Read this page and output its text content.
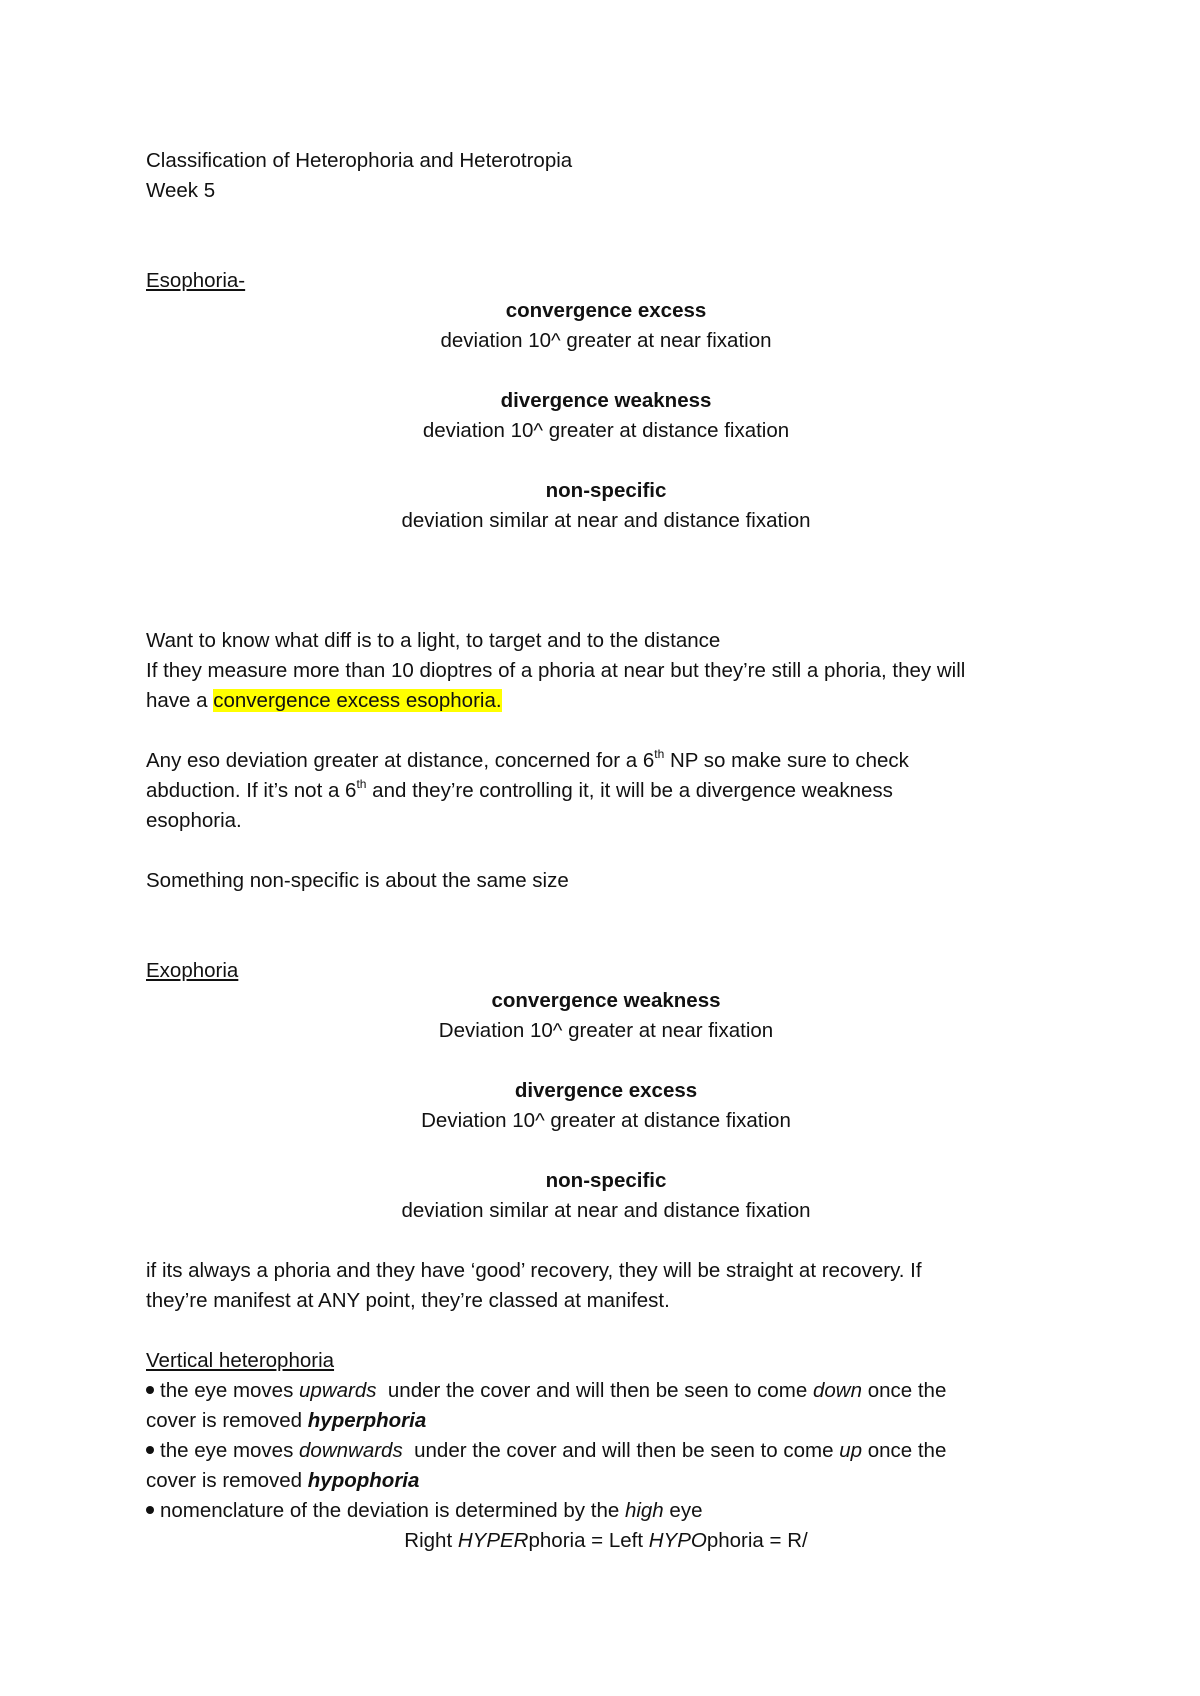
Classification of Heterophoria and Heterotropia
Week 5
Esophoria-
convergence excess
deviation 10^ greater at near fixation
divergence weakness
deviation 10^ greater at distance fixation
non-specific
deviation similar at near and distance fixation
Want to know what diff is to a light, to target and to the distance
If they measure more than 10 dioptres of a phoria at near but they’re still a phoria, they will
have a convergence excess esophoria.
Any eso deviation greater at distance, concerned for a 6th NP so make sure to check
abduction. If it’s not a 6th and they’re controlling it, it will be a divergence weakness
esophoria.
Something non-specific is about the same size
Exophoria
convergence weakness
Deviation 10^ greater at near fixation
divergence excess
Deviation 10^ greater at distance fixation
non-specific
deviation similar at near and distance fixation
if its always a phoria and they have ‘good’ recovery, they will be straight at recovery. If
they’re manifest at ANY point, they’re classed at manifest.
Vertical heterophoria
the eye moves upwards  under the cover and will then be seen to come down once the
cover is removed hyperphoria
the eye moves downwards  under the cover and will then be seen to come up once the
cover is removed hypophoria
nomenclature of the deviation is determined by the high eye
Right HYPERphoria = Left HYPOphoria = R/
